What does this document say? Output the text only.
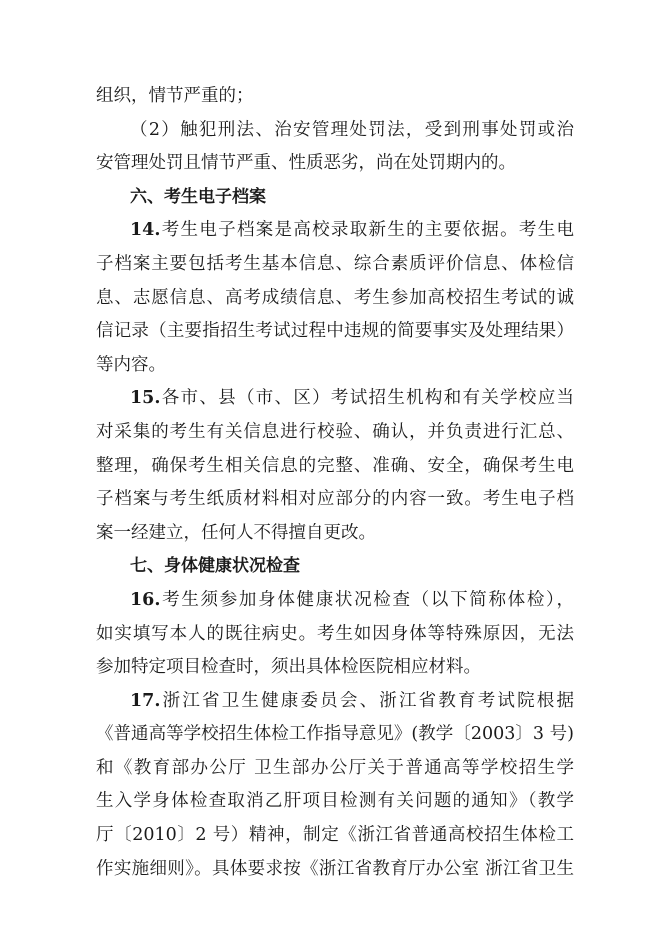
组织，情节严重的；
（2）触犯刑法、治安管理处罚法，受到刑事处罚或治
安管理处罚且情节严重、性质恶劣，尚在处罚期内的。
六、考生电子档案
14.考生电子档案是高校录取新生的主要依据。考生电
子档案主要包括考生基本信息、综合素质评价信息、体检信
息、志愿信息、高考成绩信息、考生参加高校招生考试的诚
信记录（主要指招生考试过程中违规的简要事实及处理结果）
等内容。
15.各市、县（市、区）考试招生机构和有关学校应当
对采集的考生有关信息进行校验、确认，并负责进行汇总、
整理，确保考生相关信息的完整、准确、安全，确保考生电
子档案与考生纸质材料相对应部分的内容一致。考生电子档
案一经建立，任何人不得擅自更改。
七、身体健康状况检查
16.考生须参加身体健康状况检查（以下简称体检），
如实填写本人的既往病史。考生如因身体等特殊原因，无法
参加特定项目检查时，须出具体检医院相应材料。
17.浙江省卫生健康委员会、浙江省教育考试院根据
《普通高等学校招生体检工作指导意见》(教学〔2003〕3 号)
和《教育部办公厅 卫生部办公厅关于普通高等学校招生学
生入学身体检查取消乙肝项目检测有关问题的通知》（教学
厅〔2010〕2 号）精神，制定《浙江省普通高校招生体检工
作实施细则》。具体要求按《浙江省教育厅办公室 浙江省卫生
